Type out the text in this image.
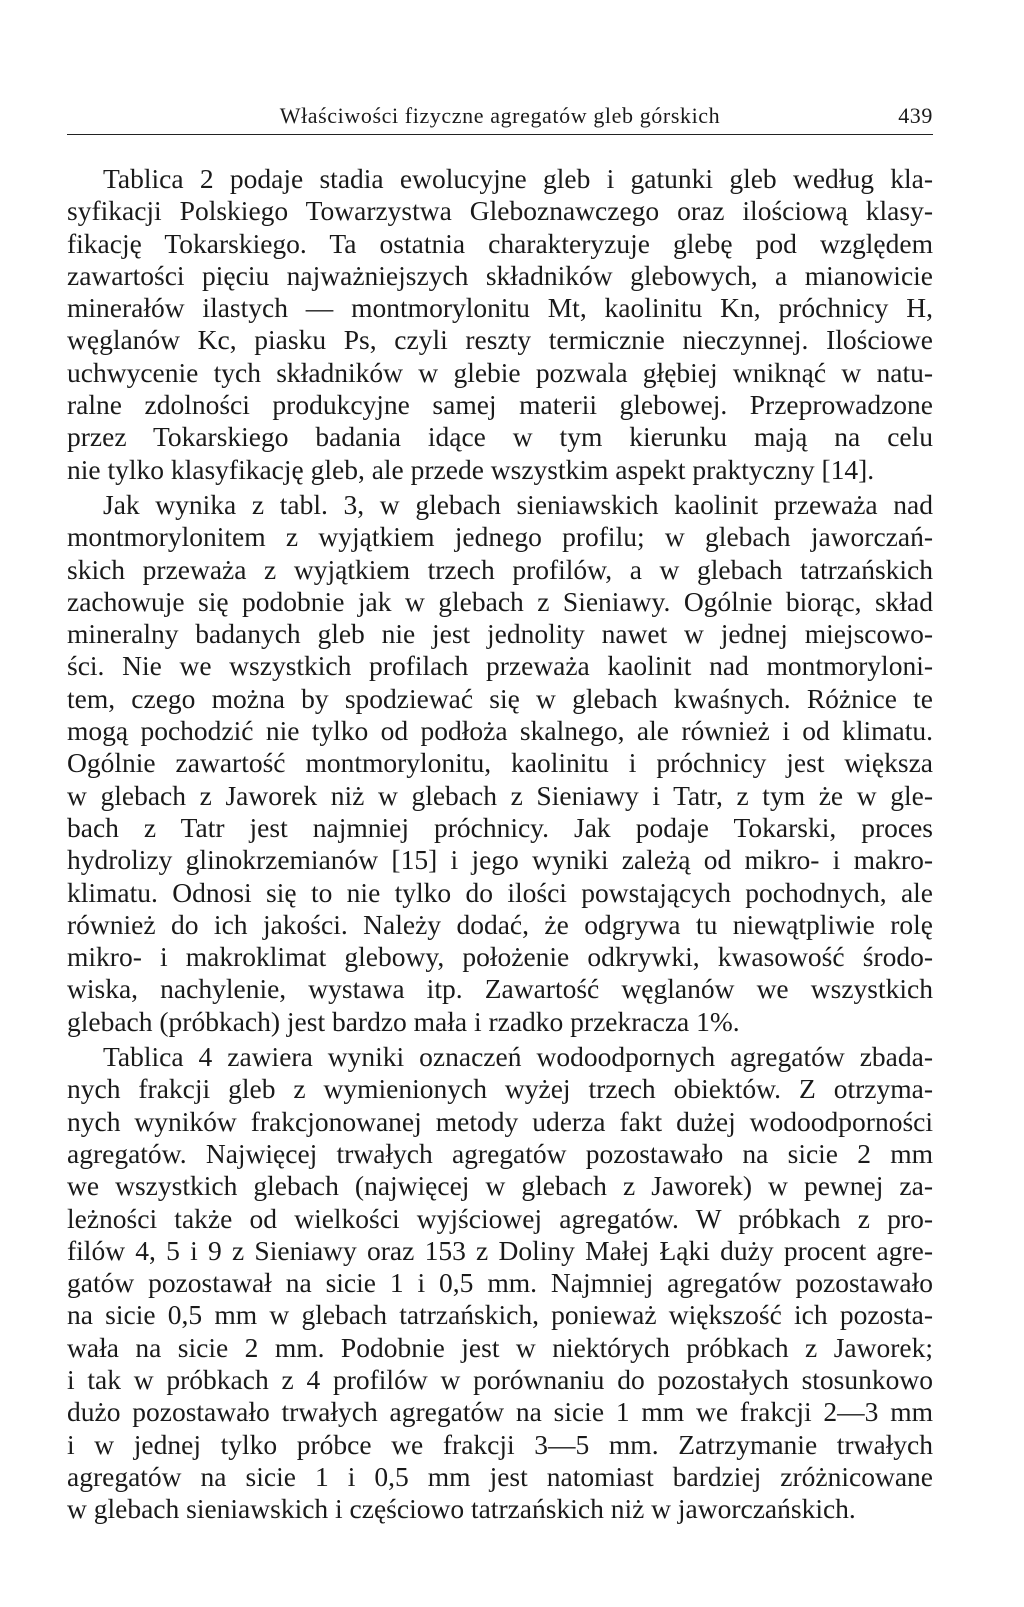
Właściwości fizyczne agregatów gleb górskich	439

Tablica 2 podaje stadia ewolucyjne gleb i gatunki gleb według kla-
syfikacji Polskiego Towarzystwa Gleboznawczego oraz ilościową klasy-
fikację Tokarskiego. Ta ostatnia charakteryzuje glebę pod względem
zawartości pięciu najważniejszych składników glebowych, a mianowicie
minerałów ilastych — montmorylonitu Mt, kaolinitu Kn, próchnicy H,
węglanów Kc, piasku Ps, czyli reszty termicznie nieczynnej. Ilościowe
uchwycenie tych składników w glebie pozwala głębiej wniknąć w natu-
ralne zdolności produkcyjne samej materii glebowej. Przeprowadzone
przez Tokarskiego badania idące w tym kierunku mają na celu
nie tylko klasyfikację gleb, ale przede wszystkim aspekt praktyczny [14].

Jak wynika z tabl. 3, w glebach sieniawskich kaolinit przeważa nad
montmorylonitem z wyjątkiem jednego profilu; w glebach jaworczań-
skich przeważa z wyjątkiem trzech profilów, a w glebach tatrzańskich
zachowuje się podobnie jak w glebach z Sieniawy. Ogólnie biorąc, skład
mineralny badanych gleb nie jest jednolity nawet w jednej miejscowo-
ści. Nie we wszystkich profilach przeważa kaolinit nad montmoryloni-
tem, czego można by spodziewać się w glebach kwaśnych. Różnice te
mogą pochodzić nie tylko od podłoża skalnego, ale również i od klimatu.
Ogólnie zawartość montmorylonitu, kaolinitu i próchnicy jest większa
w glebach z Jaworek niż w glebach z Sieniawy i Tatr, z tym że w gle-
bach z Tatr jest najmniej próchnicy. Jak podaje Tokarski, proces
hydrolizy glinokrzemianów [15] i jego wyniki zależą od mikro- i makro-
klimatu. Odnosi się to nie tylko do ilości powstających pochodnych, ale
również do ich jakości. Należy dodać, że odgrywa tu niewątpliwie rolę
mikro- i makroklimat glebowy, położenie odkrywki, kwasowość środo-
wiska, nachylenie, wystawa itp. Zawartość węglanów we wszystkich
glebach (próbkach) jest bardzo mała i rzadko przekracza 1%.

Tablica 4 zawiera wyniki oznaczeń wodoodpornych agregatów zbada-
nych frakcji gleb z wymienionych wyżej trzech obiektów. Z otrzyma-
nych wyników frakcjonowanej metody uderza fakt dużej wodoodporności
agregatów. Najwięcej trwałych agregatów pozostawało na sicie 2 mm
we wszystkich glebach (najwięcej w glebach z Jaworek) w pewnej za-
leżności także od wielkości wyjściowej agregatów. W próbkach z pro-
filów 4, 5 i 9 z Sieniawy oraz 153 z Doliny Małej Łąki duży procent agre-
gatów pozostawał na sicie 1 i 0,5 mm. Najmniej agregatów pozostawało
na sicie 0,5 mm w glebach tatrzańskich, ponieważ większość ich pozosta-
wała na sicie 2 mm. Podobnie jest w niektórych próbkach z Jaworek;
i tak w próbkach z 4 profilów w porównaniu do pozostałych stosunkowo
dużo pozostawało trwałych agregatów na sicie 1 mm we frakcji 2—3 mm
i w jednej tylko próbce we frakcji 3—5 mm. Zatrzymanie trwałych
agregatów na sicie 1 i 0,5 mm jest natomiast bardziej zróżnicowane
w glebach sieniawskich i częściowo tatrzańskich niż w jaworczańskich.
